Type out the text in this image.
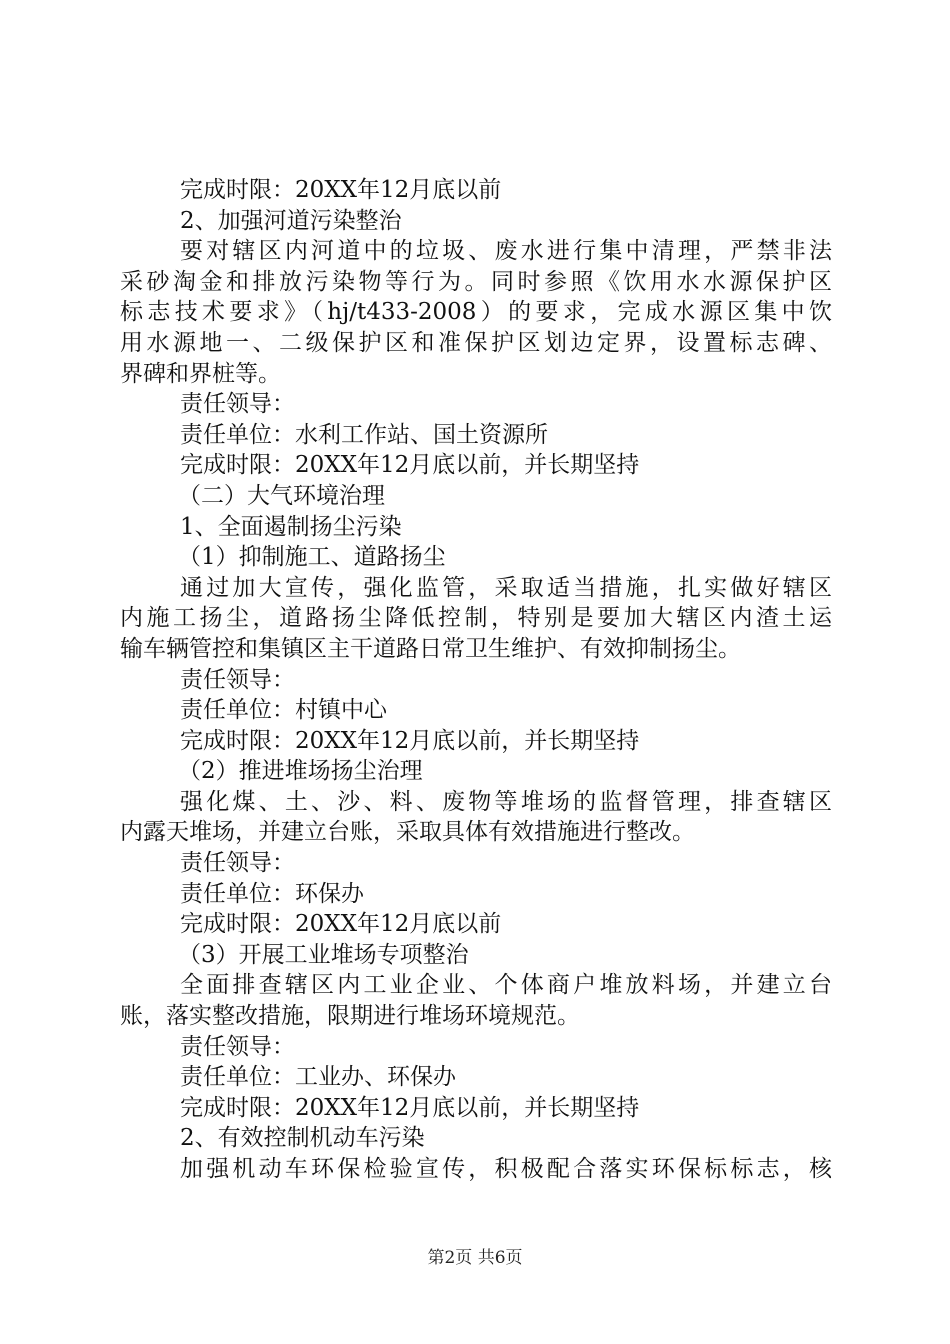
完成时限：20XX年12月底以前
2、加强河道污染整治
要对辖区内河道中的垃圾、废水进行集中清理，严禁非法
采砂淘金和排放污染物等行为。同时参照《饮用水水源保护区
标志技术要求》（hj/t433-2008）的要求，完成水源区集中饮
用水源地一、二级保护区和准保护区划边定界，设置标志碑、
界碑和界桩等。
责任领导：
责任单位：水利工作站、国土资源所
完成时限：20XX年12月底以前，并长期坚持
（二）大气环境治理
1、全面遏制扬尘污染
（1）抑制施工、道路扬尘
通过加大宣传，强化监管，采取适当措施，扎实做好辖区
内施工扬尘，道路扬尘降低控制，特别是要加大辖区内渣土运
输车辆管控和集镇区主干道路日常卫生维护、有效抑制扬尘。
责任领导：
责任单位：村镇中心
完成时限：20XX年12月底以前，并长期坚持
（2）推进堆场扬尘治理
强化煤、土、沙、料、废物等堆场的监督管理，排查辖区
内露天堆场，并建立台账，采取具体有效措施进行整改。
责任领导：
责任单位：环保办
完成时限：20XX年12月底以前
（3）开展工业堆场专项整治
全面排查辖区内工业企业、个体商户堆放料场，并建立台
账，落实整改措施，限期进行堆场环境规范。
责任领导：
责任单位：工业办、环保办
完成时限：20XX年12月底以前，并长期坚持
2、有效控制机动车污染
加强机动车环保检验宣传，积极配合落实环保标标志，核
第2页 共6页
